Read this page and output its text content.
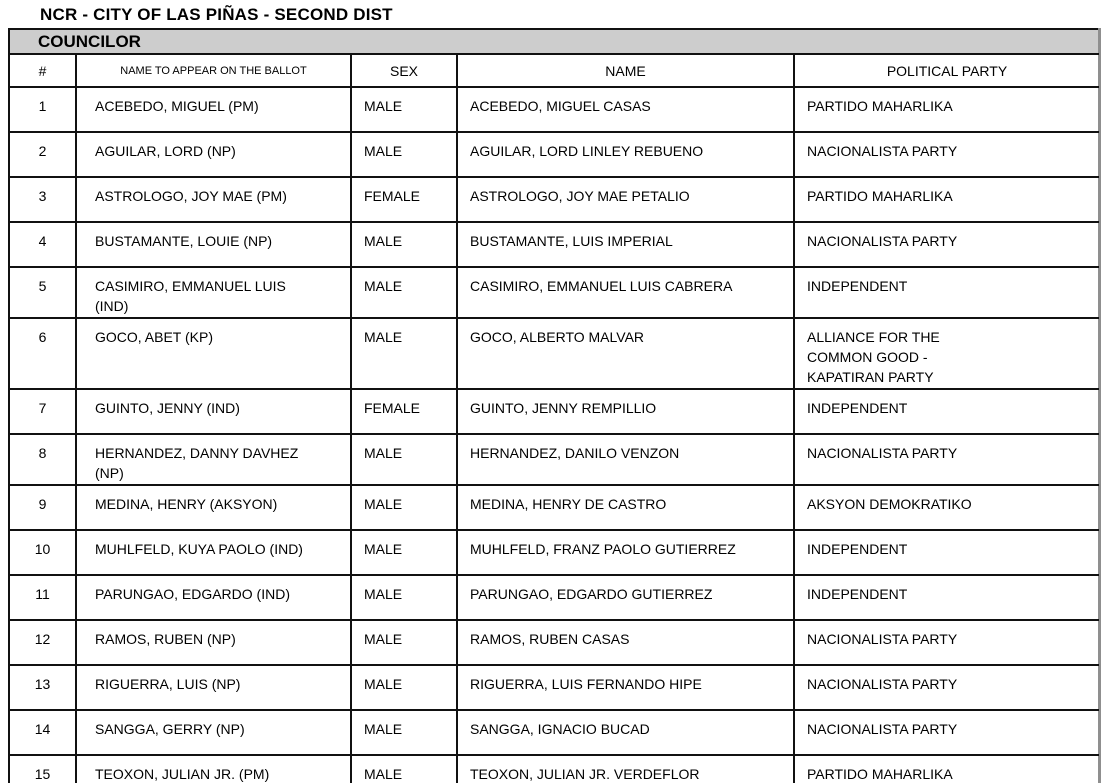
NCR - CITY OF LAS PIÑAS - SECOND DIST
COUNCILOR
#	NAME TO APPEAR ON THE BALLOT	SEX	NAME	POLITICAL PARTY
1	ACEBEDO, MIGUEL (PM)	MALE	ACEBEDO, MIGUEL CASAS	PARTIDO MAHARLIKA
2	AGUILAR, LORD (NP)	MALE	AGUILAR, LORD LINLEY REBUENO	NACIONALISTA PARTY
3	ASTROLOGO, JOY MAE (PM)	FEMALE	ASTROLOGO, JOY MAE PETALIO	PARTIDO MAHARLIKA
4	BUSTAMANTE, LOUIE (NP)	MALE	BUSTAMANTE, LUIS IMPERIAL	NACIONALISTA PARTY
5	CASIMIRO, EMMANUEL LUIS (IND)	MALE	CASIMIRO, EMMANUEL LUIS CABRERA	INDEPENDENT
6	GOCO, ABET (KP)	MALE	GOCO, ALBERTO MALVAR	ALLIANCE FOR THE COMMON GOOD - KAPATIRAN PARTY
7	GUINTO, JENNY (IND)	FEMALE	GUINTO, JENNY REMPILLIO	INDEPENDENT
8	HERNANDEZ, DANNY DAVHEZ (NP)	MALE	HERNANDEZ, DANILO VENZON	NACIONALISTA PARTY
9	MEDINA, HENRY (AKSYON)	MALE	MEDINA, HENRY DE CASTRO	AKSYON DEMOKRATIKO
10	MUHLFELD, KUYA PAOLO (IND)	MALE	MUHLFELD, FRANZ PAOLO GUTIERREZ	INDEPENDENT
11	PARUNGAO, EDGARDO (IND)	MALE	PARUNGAO, EDGARDO GUTIERREZ	INDEPENDENT
12	RAMOS, RUBEN (NP)	MALE	RAMOS, RUBEN CASAS	NACIONALISTA PARTY
13	RIGUERRA, LUIS (NP)	MALE	RIGUERRA, LUIS FERNANDO HIPE	NACIONALISTA PARTY
14	SANGGA, GERRY (NP)	MALE	SANGGA, IGNACIO BUCAD	NACIONALISTA PARTY
15	TEOXON, JULIAN JR. (PM)	MALE	TEOXON, JULIAN JR. VERDEFLOR	PARTIDO MAHARLIKA
